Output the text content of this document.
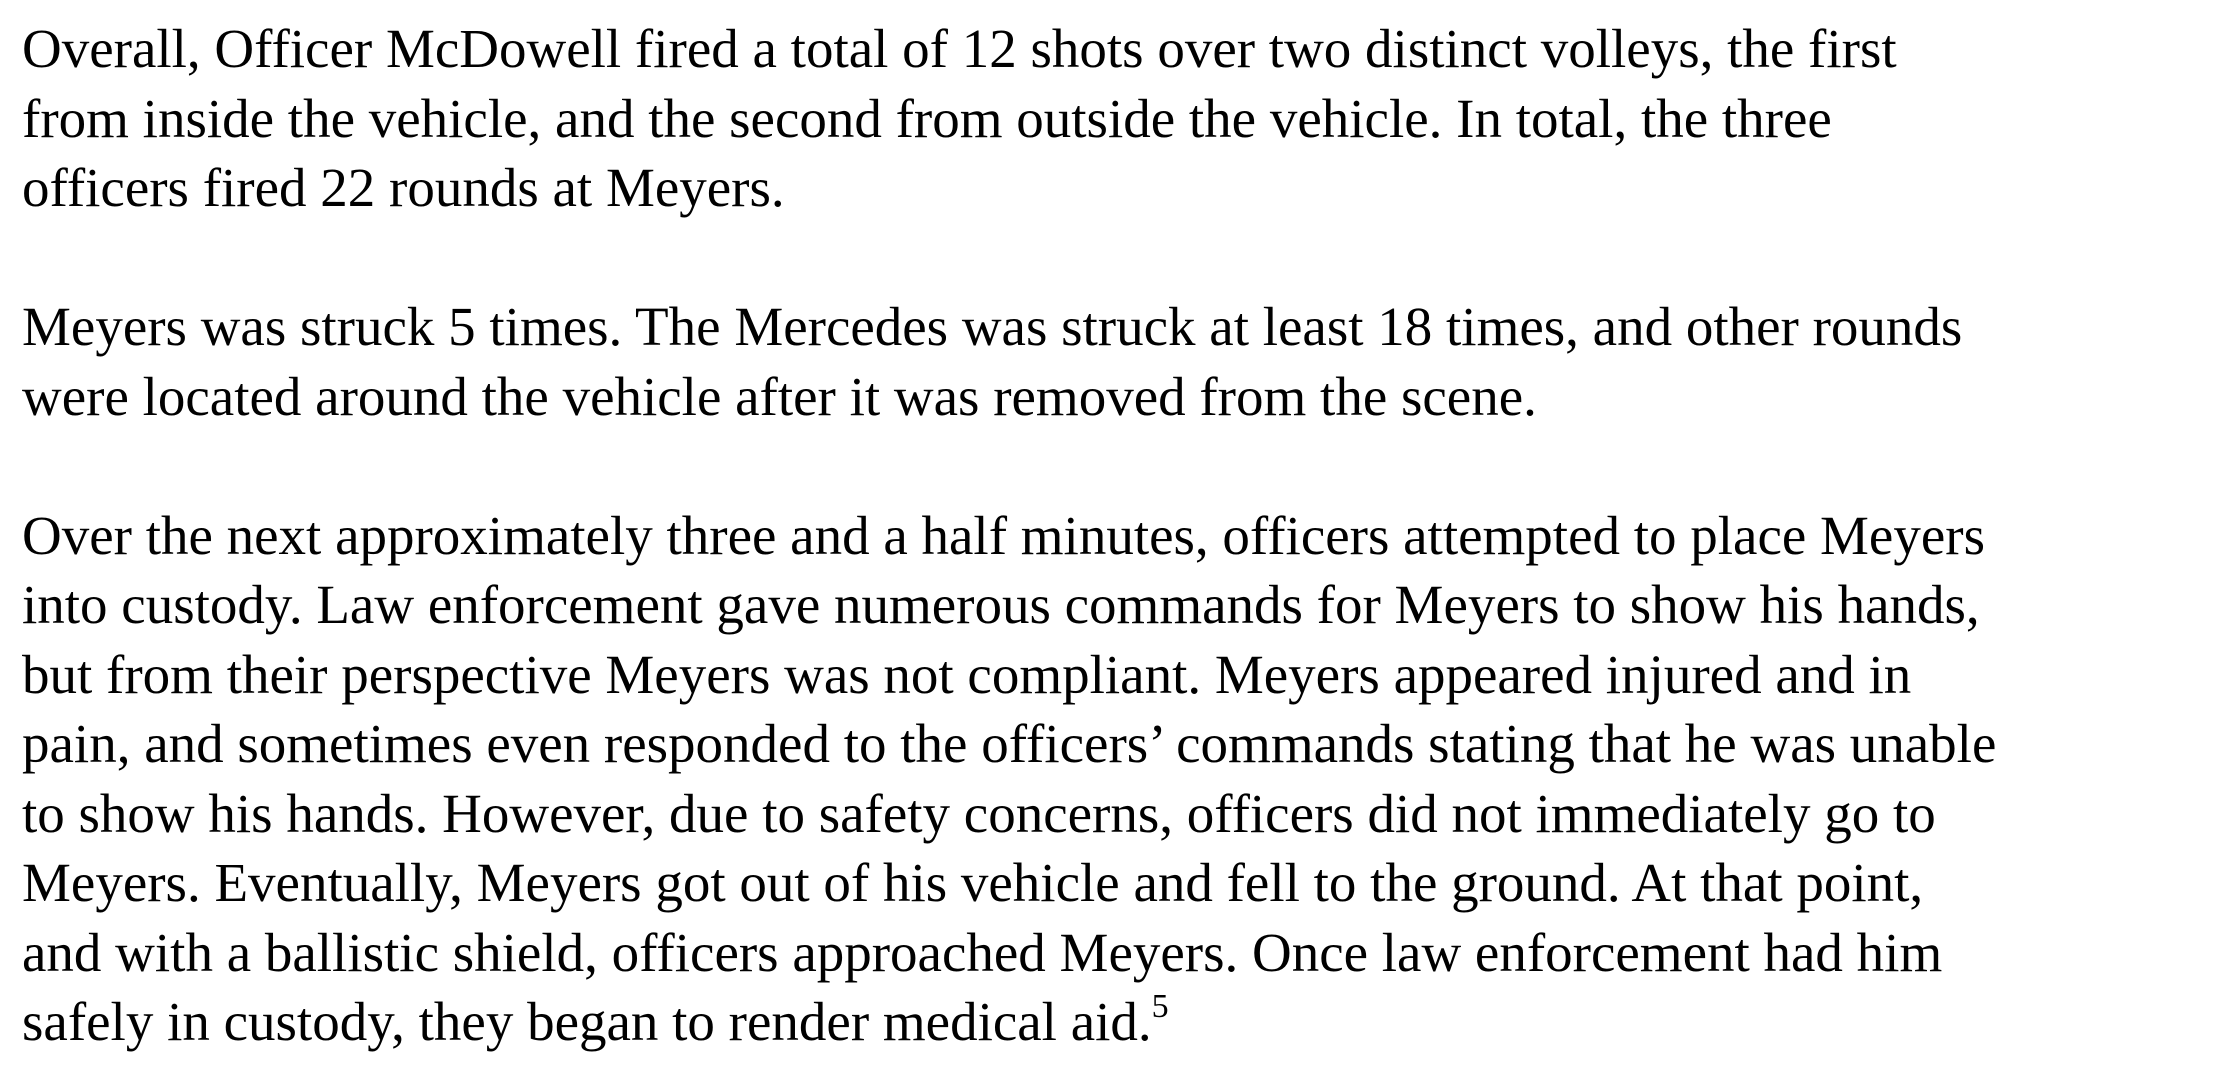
Overall, Officer McDowell fired a total of 12 shots over two distinct volleys, the first
from inside the vehicle, and the second from outside the vehicle. In total, the three
officers fired 22 rounds at Meyers.

Meyers was struck 5 times. The Mercedes was struck at least 18 times, and other rounds
were located around the vehicle after it was removed from the scene.

Over the next approximately three and a half minutes, officers attempted to place Meyers
into custody. Law enforcement gave numerous commands for Meyers to show his hands,
but from their perspective Meyers was not compliant. Meyers appeared injured and in
pain, and sometimes even responded to the officers’ commands stating that he was unable
to show his hands. However, due to safety concerns, officers did not immediately go to
Meyers. Eventually, Meyers got out of his vehicle and fell to the ground. At that point,
and with a ballistic shield, officers approached Meyers. Once law enforcement had him
safely in custody, they began to render medical aid.$^5$
